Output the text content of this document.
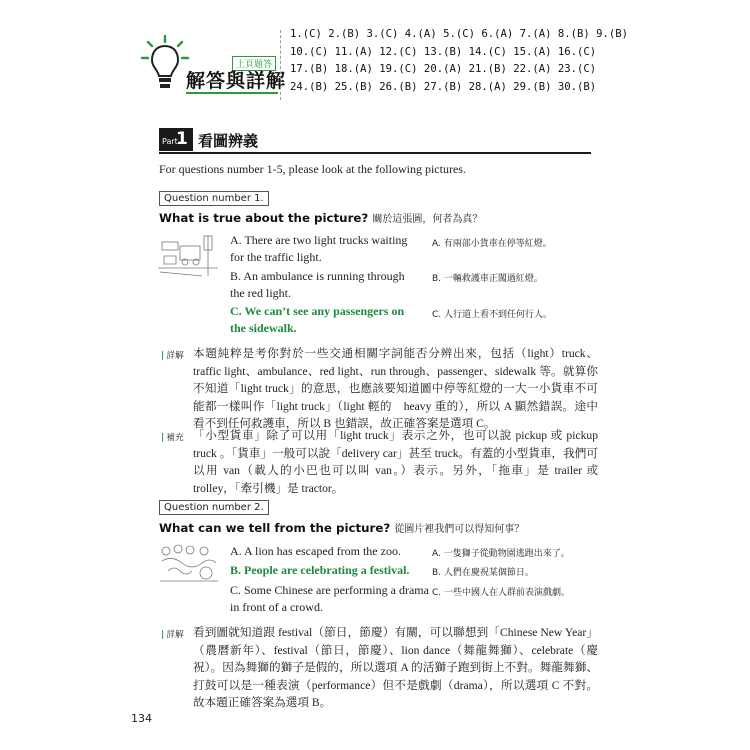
上頁題答
解答與詳解
1.(C) 2.(B) 3.(C) 4.(A) 5.(C) 6.(A) 7.(A) 8.(B) 9.(B)
10.(C) 11.(A) 12.(C) 13.(B) 14.(C) 15.(A) 16.(C)
17.(B) 18.(A) 19.(C) 20.(A) 21.(B) 22.(A) 23.(C)
24.(B) 25.(B) 26.(B) 27.(B) 28.(A) 29.(B) 30.(B)
Part
1 看圖辨義
For questions number 1-5, please look at the following pictures.
Question number 1.
What is true about the picture? 關於這張圖，何者為真？
A. There are two light trucks waiting for the traffic light.
A. 有兩部小貨車在停等紅燈。
B. An ambulance is running through the red light.
B. 一輛救護車正闖過紅燈。
C. We can’t see any passengers on the sidewalk.
C. 人行道上看不到任何行人。
| 詳解 本題純粹是考你對於一些交通相關字詞能否分辨出來，包括（light）truck、traffic light、ambulance、red light、run through、passenger、sidewalk 等。就算你不知道「light truck」的意思，也應該要知道圖中停等紅燈的一大一小貨車不可能都一樣叫作「light truck」（light 輕的　heavy 重的），所以 A 顯然錯誤。途中看不到任何救護車，所以 B 也錯誤，故正確答案是選項 C。
| 補充 「小型貨車」除了可以用「light truck」表示之外，也可以說 pickup 或 pickup truck 。「貨車」一般可以說「delivery car」甚至 truck。有蓋的小型貨車，我們可以用 van（載人的小巴也可以叫 van。）表示。另外，「拖車」是 trailer 或 trolley，「牽引機」是 tractor。
Question number 2.
What can we tell from the picture? 從圖片裡我們可以得知何事？
A. A lion has escaped from the zoo.	A. 一隻獅子從動物園逃跑出來了。
B. People are celebrating a festival.	B. 人們在慶祝某個節日。
C. Some Chinese are performing a drama in front of a crowd.
C. 一些中國人在人群前表演戲劇。
| 詳解 看到圖就知道跟 festival（節日，節慶）有關，可以聯想到「Chinese New Year」（農曆新年）、festival（節日，節慶）、lion dance（舞龍舞獅）、celebrate（慶祝）。因為舞獅的獅子是假的，所以選項 A 的活獅子跑到街上不對。舞龍舞獅、打鼓可以是一種表演（performance）但不是戲劇（drama），所以選項 C 不對。故本題正確答案為選項 B。
134
